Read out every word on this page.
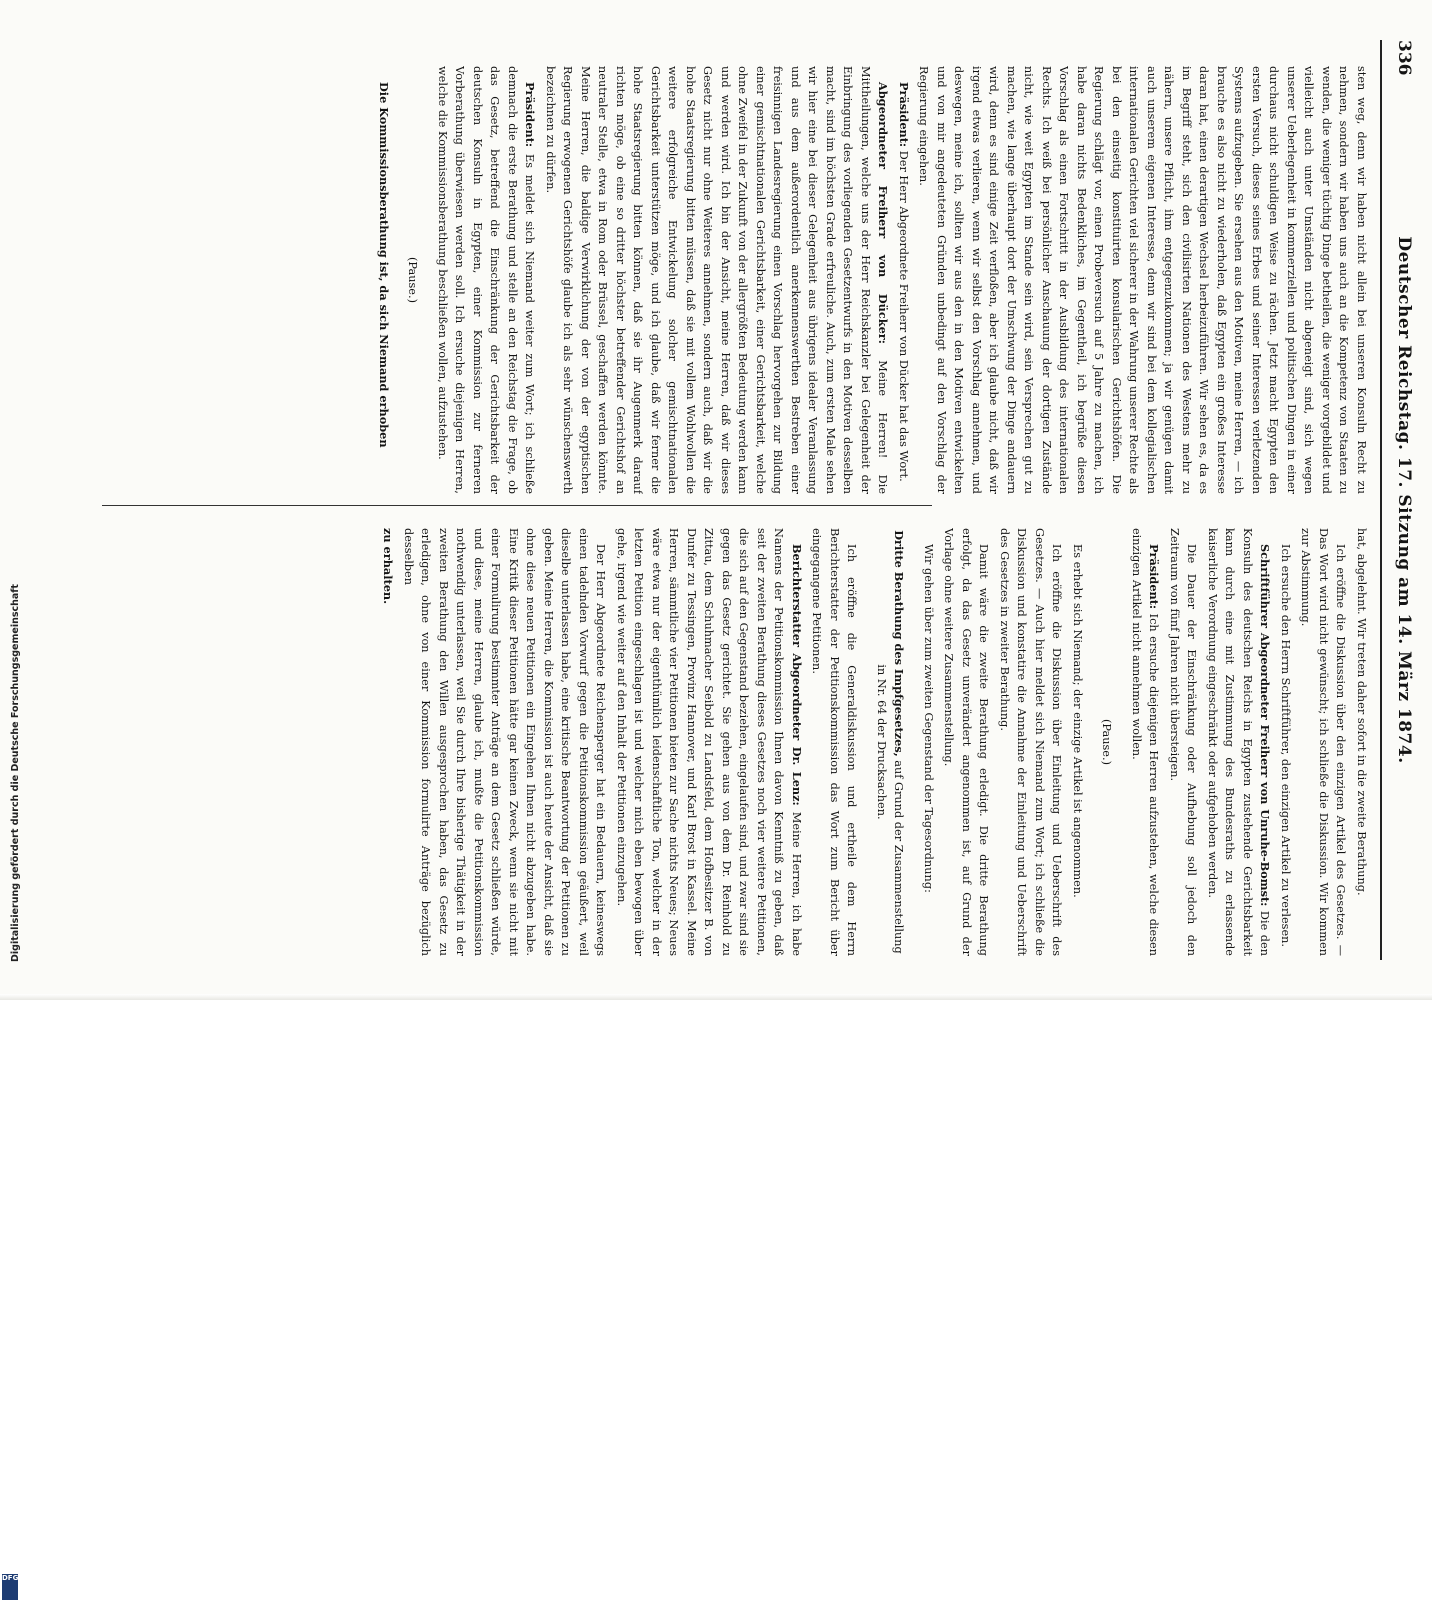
336
Deutscher Reichstag. 17. Sitzung am 14. März 1874.

sten weg, denn wir haben nicht allein bei unseren Konsuln Recht zu nehmen, sondern wir haben uns auch an die Kompetenz von Staaten zu wenden, die weniger tüchtig Dinge betheilen, die weniger vorgebildet und vielleicht auch unter Umständen nicht abgeneigt sind, sich wegen unserer Ueberlegenheit in kommerziellen und politischen Dingen in einer durchaus nicht schuldigen Weise zu rächen. Jetzt macht Egypten den ersten Versuch, dieses seines Erbes und seiner Interessen verletzenden Systems aufzugeben. Sie ersehen aus den Motiven, meine Herren, — ich brauche es also nicht zu wiederholen, daß Egypten ein großes Interesse daran hat, einen derartigen Wechsel herbeizuführen. Wir sehen es, da es im Begriff steht, sich den civilisirten Nationen des Westens mehr zu nähern, unsere Pflicht, ihm entgegenzukommen; ja wir genügen damit auch unserem eigenen Interesse, denn wir sind bei dem kollegialischen internationalen Gerichten viel sicherer in der Wahrung unserer Rechte als bei den einseitig konstituirten konsularischen Gerichtshöfen. Die Regierung schlägt vor, einen Probeversuch auf 5 Jahre zu machen, ich habe daran nichts Bedenkliches, im Gegentheil, ich begrüße diesen Vorschlag als einen Fortschritt in der Ausbildung des internationalen Rechts. Ich weiß bei persönlicher Anschauung der dortigen Zustände nicht, wie weit Egypten im Stande sein wird, sein Versprechen gut zu machen, wie lange überhaupt dort der Umschwung der Dinge andauern wird, denn es sind einige Zeit verfloßen, aber ich glaube nicht, daß wir irgend etwas verlieren, wenn wir selbst den Vorschlag annehmen, und deswegen, meine ich, sollten wir aus den in den Motiven entwickelten und von mir angedeuteten Gründen unbedingt auf den Vorschlag der Regierung eingehen.

Präsident: Der Herr Abgeordnete Freiherr von Dücker hat das Wort.

Abgeordneter Freiherr von Dücker: Meine Herren! Die Mittheilungen, welche uns der Herr Reichskanzler bei Gelegenheit der Einbringung des vorliegenden Gesetzentwurfs in den Motiven desselben macht, sind im höchsten Grade erfreuliche. Auch, zum ersten Male sehen wir hier eine bei dieser Gelegenheit aus übrigens idealer Veranlassung und aus dem außerordentlich anerkennenswerthen Bestreben einer freisinnigen Landesregierung einen Vorschlag hervorgehen zur Bildung einer gemischtnationalen Gerichtsbarkeit, einer Gerichtsbarkeit, welche ohne Zweifel in der Zukunft von der allergrößten Bedeutung werden kann und werden wird. Ich bin der Ansicht, meine Herren, daß wir dieses Gesetz nicht nur ohne Weiteres annehmen, sondern auch, daß wir die hohe Staatsregierung bitten müssen, daß sie mit vollem Wohlwollen die weitere erfolgreiche Entwickelung solcher gemischtnationalen Gerichtsbarkeit unterstützen möge, und ich glaube, daß wir ferner die hohe Staatsregierung bitten können, daß sie ihr Augenmerk darauf richten möge, ob eine so dritter höchster betreffender Gerichtshof an neutraler Stelle, etwa in Rom oder Brüssel, geschaffen werden könnte. Meine Herren, die baldige Verwirklichung der von der egyptischen Regierung erwogenen Gerichtshöfe glaube ich als sehr wünschenswerth bezeichnen zu dürfen.

Präsident: Es meldet sich Niemand weiter zum Wort; ich schließe demnach die erste Berathung und stelle an den Reichstag die Frage, ob das Gesetz, betreffend die Einschränkung der Gerichtsbarkeit der deutschen Konsuln in Egypten, einer Kommission zur ferneren Vorberathung überwiesen werden soll. Ich ersuche diejenigen Herren, welche die Kommissionsberathung beschließen wollen, aufzustehen.

(Pause.)

Die Kommissionsberathung ist, da sich Niemand erhoben

hat, abgelehnt. Wir treten daher sofort in die zweite Berathung.

Ich eröffne die Diskussion über den einzigen Artikel des Gesetzes. — Das Wort wird nicht gewünscht; ich schließe die Diskussion. Wir kommen zur Abstimmung.

Ich ersuche den Herrn Schriftführer, den einzigen Artikel zu verlesen.

Schriftführer Abgeordneter Freiherr von Unruhe-Bomst: Die den Konsuln des deutschen Reichs in Egypten zustehende Gerichtsbarkeit kann durch eine mit Zustimmung des Bundesraths zu erlassende kaiserliche Verordnung eingeschränkt oder aufgehoben werden.

Die Dauer der Einschränkung oder Aufhebung soll jedoch den Zeitraum von fünf Jahren nicht übersteigen.

Präsident: Ich ersuche diejenigen Herren aufzustehen, welche diesen einzigen Artikel nicht annehmen wollen.

(Pause.)

Es erhebt sich Niemand; der einzige Artikel ist angenommen.

Ich eröffne die Diskussion über Einleitung und Ueberschrift des Gesetzes. — Auch hier meldet sich Niemand zum Wort; ich schließe die Diskussion und konstatire die Annahme der Einleitung und Ueberschrift des Gesetzes in zweiter Berathung.

Damit wäre die zweite Berathung erledigt. Die dritte Berathung erfolgt, da das Gesetz unverändert angenommen ist, auf Grund der Vorlage ohne weitere Zusammenstellung.

Wir gehen über zum zweiten Gegenstand der Tagesordnung:

Dritte Berathung des Impfgesetzes, auf Grund der Zusammenstellung in Nr. 64 der Drucksachen.

Ich eröffne die Generaldiskussion und ertheile dem Herrn Berichterstatter der Petitionskommission das Wort zum Bericht über eingegangene Petitionen.

Berichterstatter Abgeordneter Dr. Lenz: Meine Herren, ich habe Namens der Petitionskommission Ihnen davon Kenntniß zu geben, daß seit der zweiten Berathung dieses Gesetzes noch vier weitere Petitionen, die sich auf den Gegenstand beziehen, eingelaufen sind, und zwar sind sie gegen das Gesetz gerichtet. Sie gehen aus von dem Dr. Reinhold zu Zittau, dem Schuhmacher Seibold zu Landsfeld, dem Hofbesitzer B. von Dunfer zu Tessingen, Provinz Hannover, und Karl Brost in Kassel. Meine Herren, sämmtliche vier Petitionen bieten zur Sache nichts Neues; Neues wäre etwa nur der eigenthümlich leidenschaftliche Ton, welcher in der letzten Petition eingeschlagen ist und welcher mich eben bewogen über gehe, irgend wie weiter auf den Inhalt der Petitionen einzugehen.

Der Herr Abgeordnete Reichensperger hat ein Bedauern, keineswegs einen tadelnden Vorwurf gegen die Petitionskommission geäußert, weil dieselbe unterlassen habe, eine kritische Beantwortung der Petitionen zu geben. Meine Herren, die Kommission ist auch heute der Ansicht, daß sie ohne diese neuen Petitionen ein Eingehen Ihnen nicht abzugeben habe. Eine Kritik dieser Petitionen hätte gar keinen Zweck, wenn sie nicht mit einer Formulirung bestimmter Anträge an dem Gesetz schließen würde, und diese, meine Herren, glaube ich, mußte die Petitionskommission nothwendig unterlassen, weil Sie durch Ihre bisherige Thätigkeit in der zweiten Berathung den Willen ausgesprochen haben, das Gesetz zu erledigen, ohne von einer Kommission formulirte Anträge bezüglich desselben

zu erhalten.

Digitalisierung gefördert durch die Deutsche Forschungsgemeinschaft
DFG
